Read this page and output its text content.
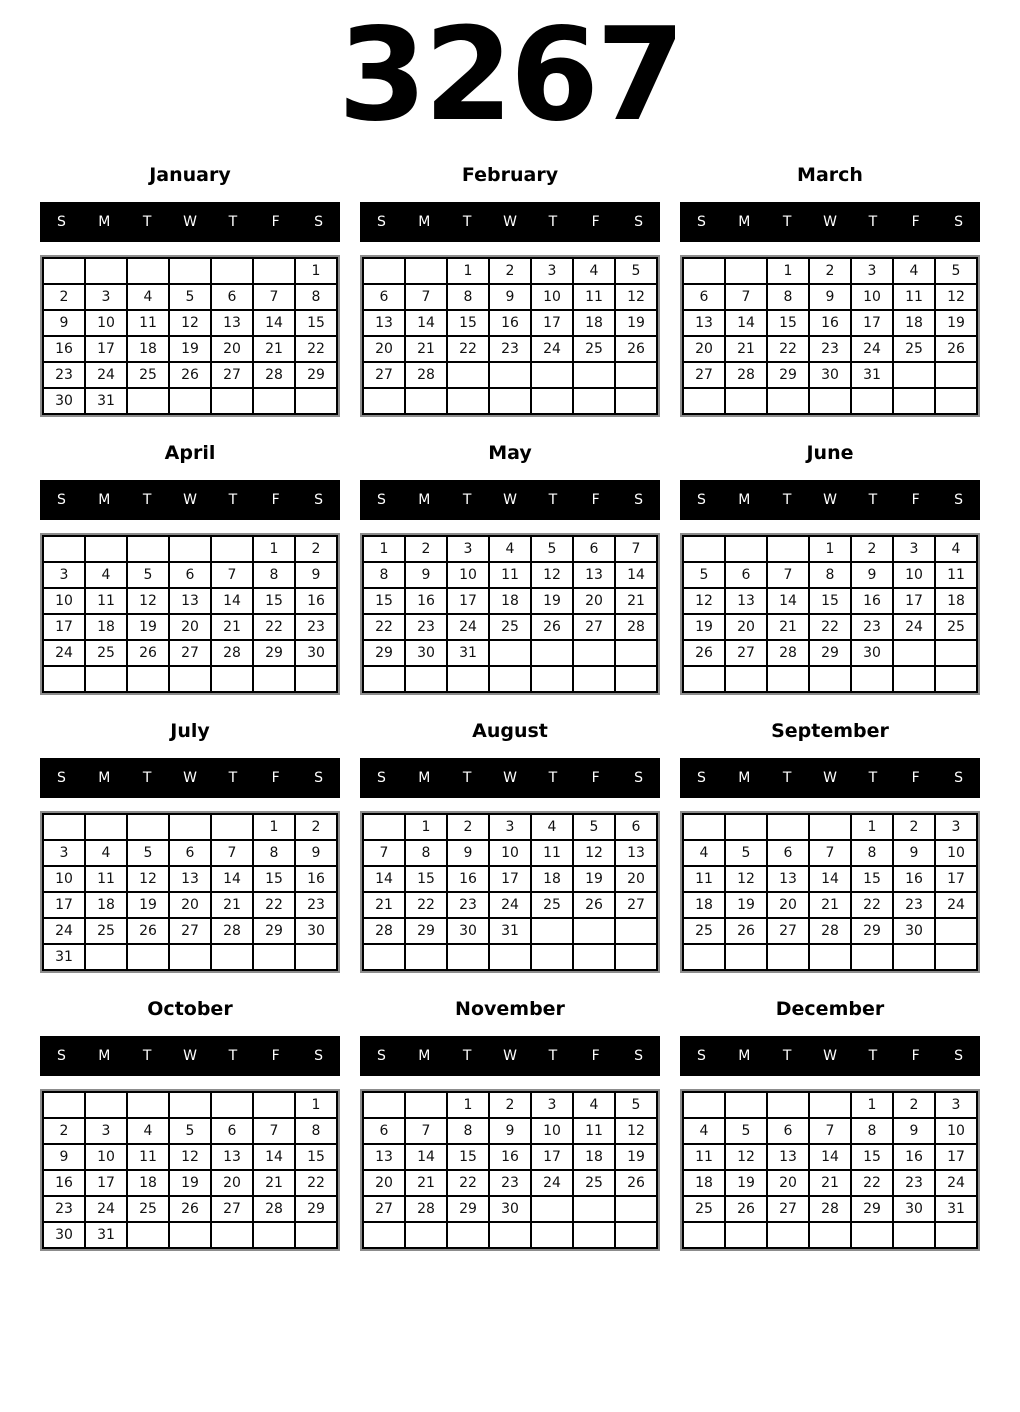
3267
January
S	M	T	W	T	F	S
						1
2	3	4	5	6	7	8
9	10	11	12	13	14	15
16	17	18	19	20	21	22
23	24	25	26	27	28	29
30	31					
February
S	M	T	W	T	F	S
		1	2	3	4	5
6	7	8	9	10	11	12
13	14	15	16	17	18	19
20	21	22	23	24	25	26
27	28					

March
S	M	T	W	T	F	S
		1	2	3	4	5
6	7	8	9	10	11	12
13	14	15	16	17	18	19
20	21	22	23	24	25	26
27	28	29	30	31		

April
S	M	T	W	T	F	S
					1	2
3	4	5	6	7	8	9
10	11	12	13	14	15	16
17	18	19	20	21	22	23
24	25	26	27	28	29	30

May
S	M	T	W	T	F	S
1	2	3	4	5	6	7
8	9	10	11	12	13	14
15	16	17	18	19	20	21
22	23	24	25	26	27	28
29	30	31				

June
S	M	T	W	T	F	S
			1	2	3	4
5	6	7	8	9	10	11
12	13	14	15	16	17	18
19	20	21	22	23	24	25
26	27	28	29	30		

July
S	M	T	W	T	F	S
					1	2
3	4	5	6	7	8	9
10	11	12	13	14	15	16
17	18	19	20	21	22	23
24	25	26	27	28	29	30
31						
August
S	M	T	W	T	F	S
	1	2	3	4	5	6
7	8	9	10	11	12	13
14	15	16	17	18	19	20
21	22	23	24	25	26	27
28	29	30	31			

September
S	M	T	W	T	F	S
				1	2	3
4	5	6	7	8	9	10
11	12	13	14	15	16	17
18	19	20	21	22	23	24
25	26	27	28	29	30	

October
S	M	T	W	T	F	S
						1
2	3	4	5	6	7	8
9	10	11	12	13	14	15
16	17	18	19	20	21	22
23	24	25	26	27	28	29
30	31					
November
S	M	T	W	T	F	S
		1	2	3	4	5
6	7	8	9	10	11	12
13	14	15	16	17	18	19
20	21	22	23	24	25	26
27	28	29	30			

December
S	M	T	W	T	F	S
				1	2	3
4	5	6	7	8	9	10
11	12	13	14	15	16	17
18	19	20	21	22	23	24
25	26	27	28	29	30	31
